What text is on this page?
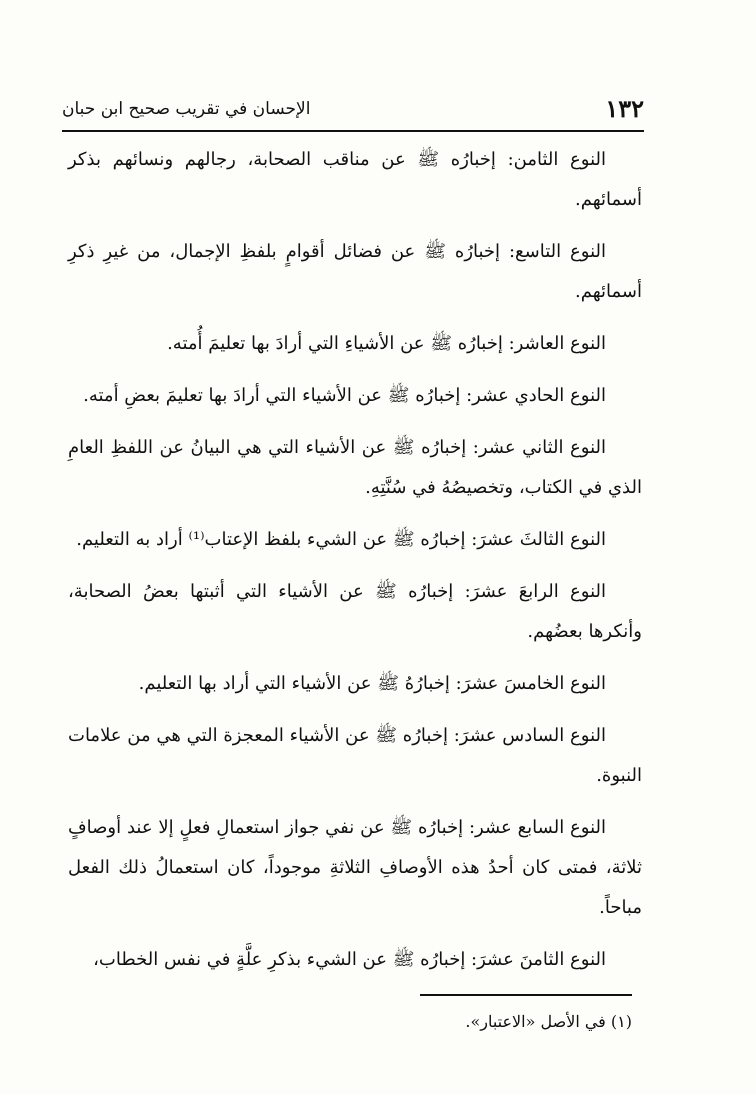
١٣٢
الإحسان في تقريب صحيح ابن حبان

النوع الثامن: إخبارُه ﷺ عن مناقب الصحابة، رجالهم ونسائهم بذكر أسمائهم.

النوع التاسع: إخبارُه ﷺ عن فضائل أقوامٍ بلفظِ الإجمال، من غيرِ ذكرِ أسمائهم.

النوع العاشر: إخبارُه ﷺ عن الأشياءِ التي أرادَ بها تعليمَ أُمته.

النوع الحادي عشر: إخبارُه ﷺ عن الأشياء التي أرادَ بها تعليمَ بعضِ أمته.

النوع الثاني عشر: إخبارُه ﷺ عن الأشياء التي هي البيانُ عن اللفظِ العامِ الذي في الكتاب، وتخصيصُهُ في سُنَّتِهِ.

النوع الثالثَ عشرَ: إخبارُه ﷺ عن الشيء بلفظ الإعتاب⁽¹⁾ أراد به التعليم.

النوع الرابعَ عشرَ: إخبارُه ﷺ عن الأشياء التي أثبتها بعضُ الصحابة، وأنكرها بعضُهم.

النوع الخامسَ عشرَ: إخبارُهُ ﷺ عن الأشياء التي أراد بها التعليم.

النوع السادس عشرَ: إخبارُه ﷺ عن الأشياء المعجزة التي هي من علامات النبوة.

النوع السابع عشر: إخبارُه ﷺ عن نفي جواز استعمالِ فعلٍ إلا عند أوصافٍ ثلاثة، فمتى كان أحدُ هذه الأوصافِ الثلاثةِ موجوداً، كان استعمالُ ذلك الفعل مباحاً.

النوع الثامنَ عشرَ: إخبارُه ﷺ عن الشيء بذكرِ علَّةٍ في نفس الخطاب،

(١) في الأصل «الاعتبار».
